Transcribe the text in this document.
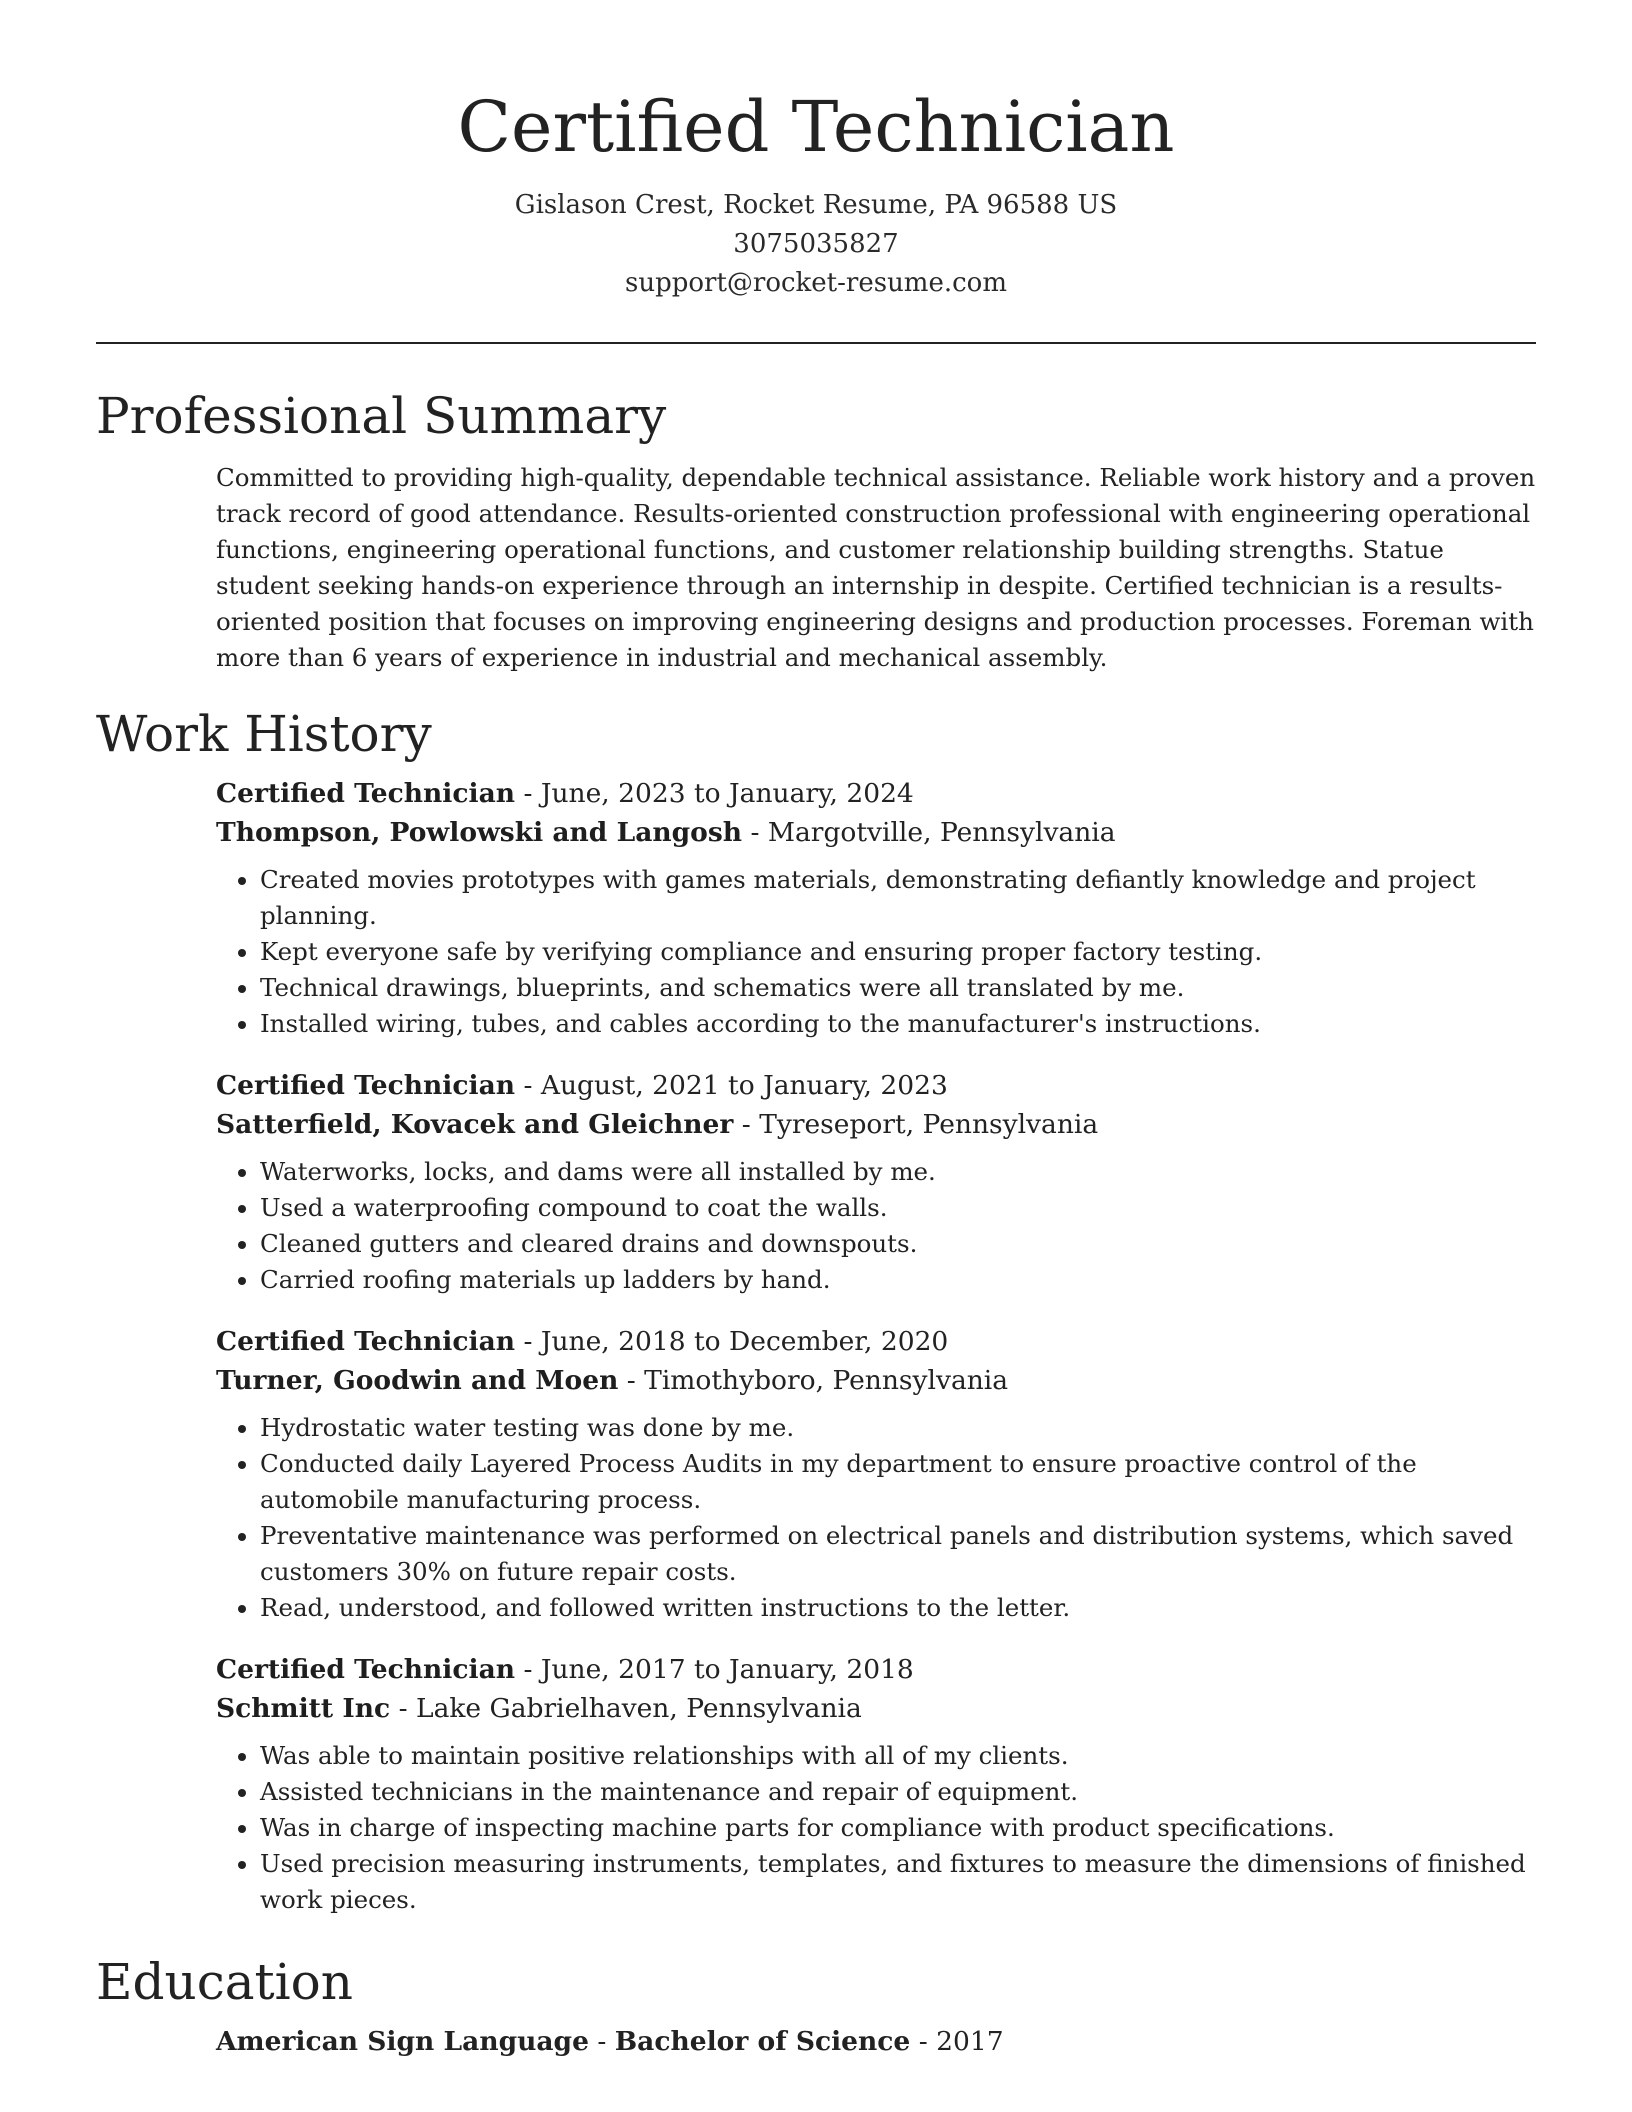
Certified Technician
Gislason Crest, Rocket Resume, PA 96588 US
3075035827
support@rocket-resume.com
Professional Summary

Committed to providing high-quality, dependable technical assistance. Reliable work history and a proven track record of good attendance. Results-oriented construction professional with engineering operational functions, engineering operational functions, and customer relationship building strengths. Statue student seeking hands-on experience through an internship in despite. Certified technician is a results-oriented position that focuses on improving engineering designs and production processes. Foreman with more than 6 years of experience in industrial and mechanical assembly.

Work History
Certified Technician - June, 2023 to January, 2024
Thompson, Powlowski and Langosh - Margotville, Pennsylvania
• Created movies prototypes with games materials, demonstrating defiantly knowledge and project planning.
• Kept everyone safe by verifying compliance and ensuring proper factory testing.
• Technical drawings, blueprints, and schematics were all translated by me.
• Installed wiring, tubes, and cables according to the manufacturer's instructions.
Certified Technician - August, 2021 to January, 2023
Satterfield, Kovacek and Gleichner - Tyreseport, Pennsylvania
• Waterworks, locks, and dams were all installed by me.
• Used a waterproofing compound to coat the walls.
• Cleaned gutters and cleared drains and downspouts.
• Carried roofing materials up ladders by hand.
Certified Technician - June, 2018 to December, 2020
Turner, Goodwin and Moen - Timothyboro, Pennsylvania
• Hydrostatic water testing was done by me.
• Conducted daily Layered Process Audits in my department to ensure proactive control of the automobile manufacturing process.
• Preventative maintenance was performed on electrical panels and distribution systems, which saved customers 30% on future repair costs.
• Read, understood, and followed written instructions to the letter.
Certified Technician - June, 2017 to January, 2018
Schmitt Inc - Lake Gabrielhaven, Pennsylvania
• Was able to maintain positive relationships with all of my clients.
• Assisted technicians in the maintenance and repair of equipment.
• Was in charge of inspecting machine parts for compliance with product specifications.
• Used precision measuring instruments, templates, and fixtures to measure the dimensions of finished work pieces.
Education
American Sign Language - Bachelor of Science - 2017
